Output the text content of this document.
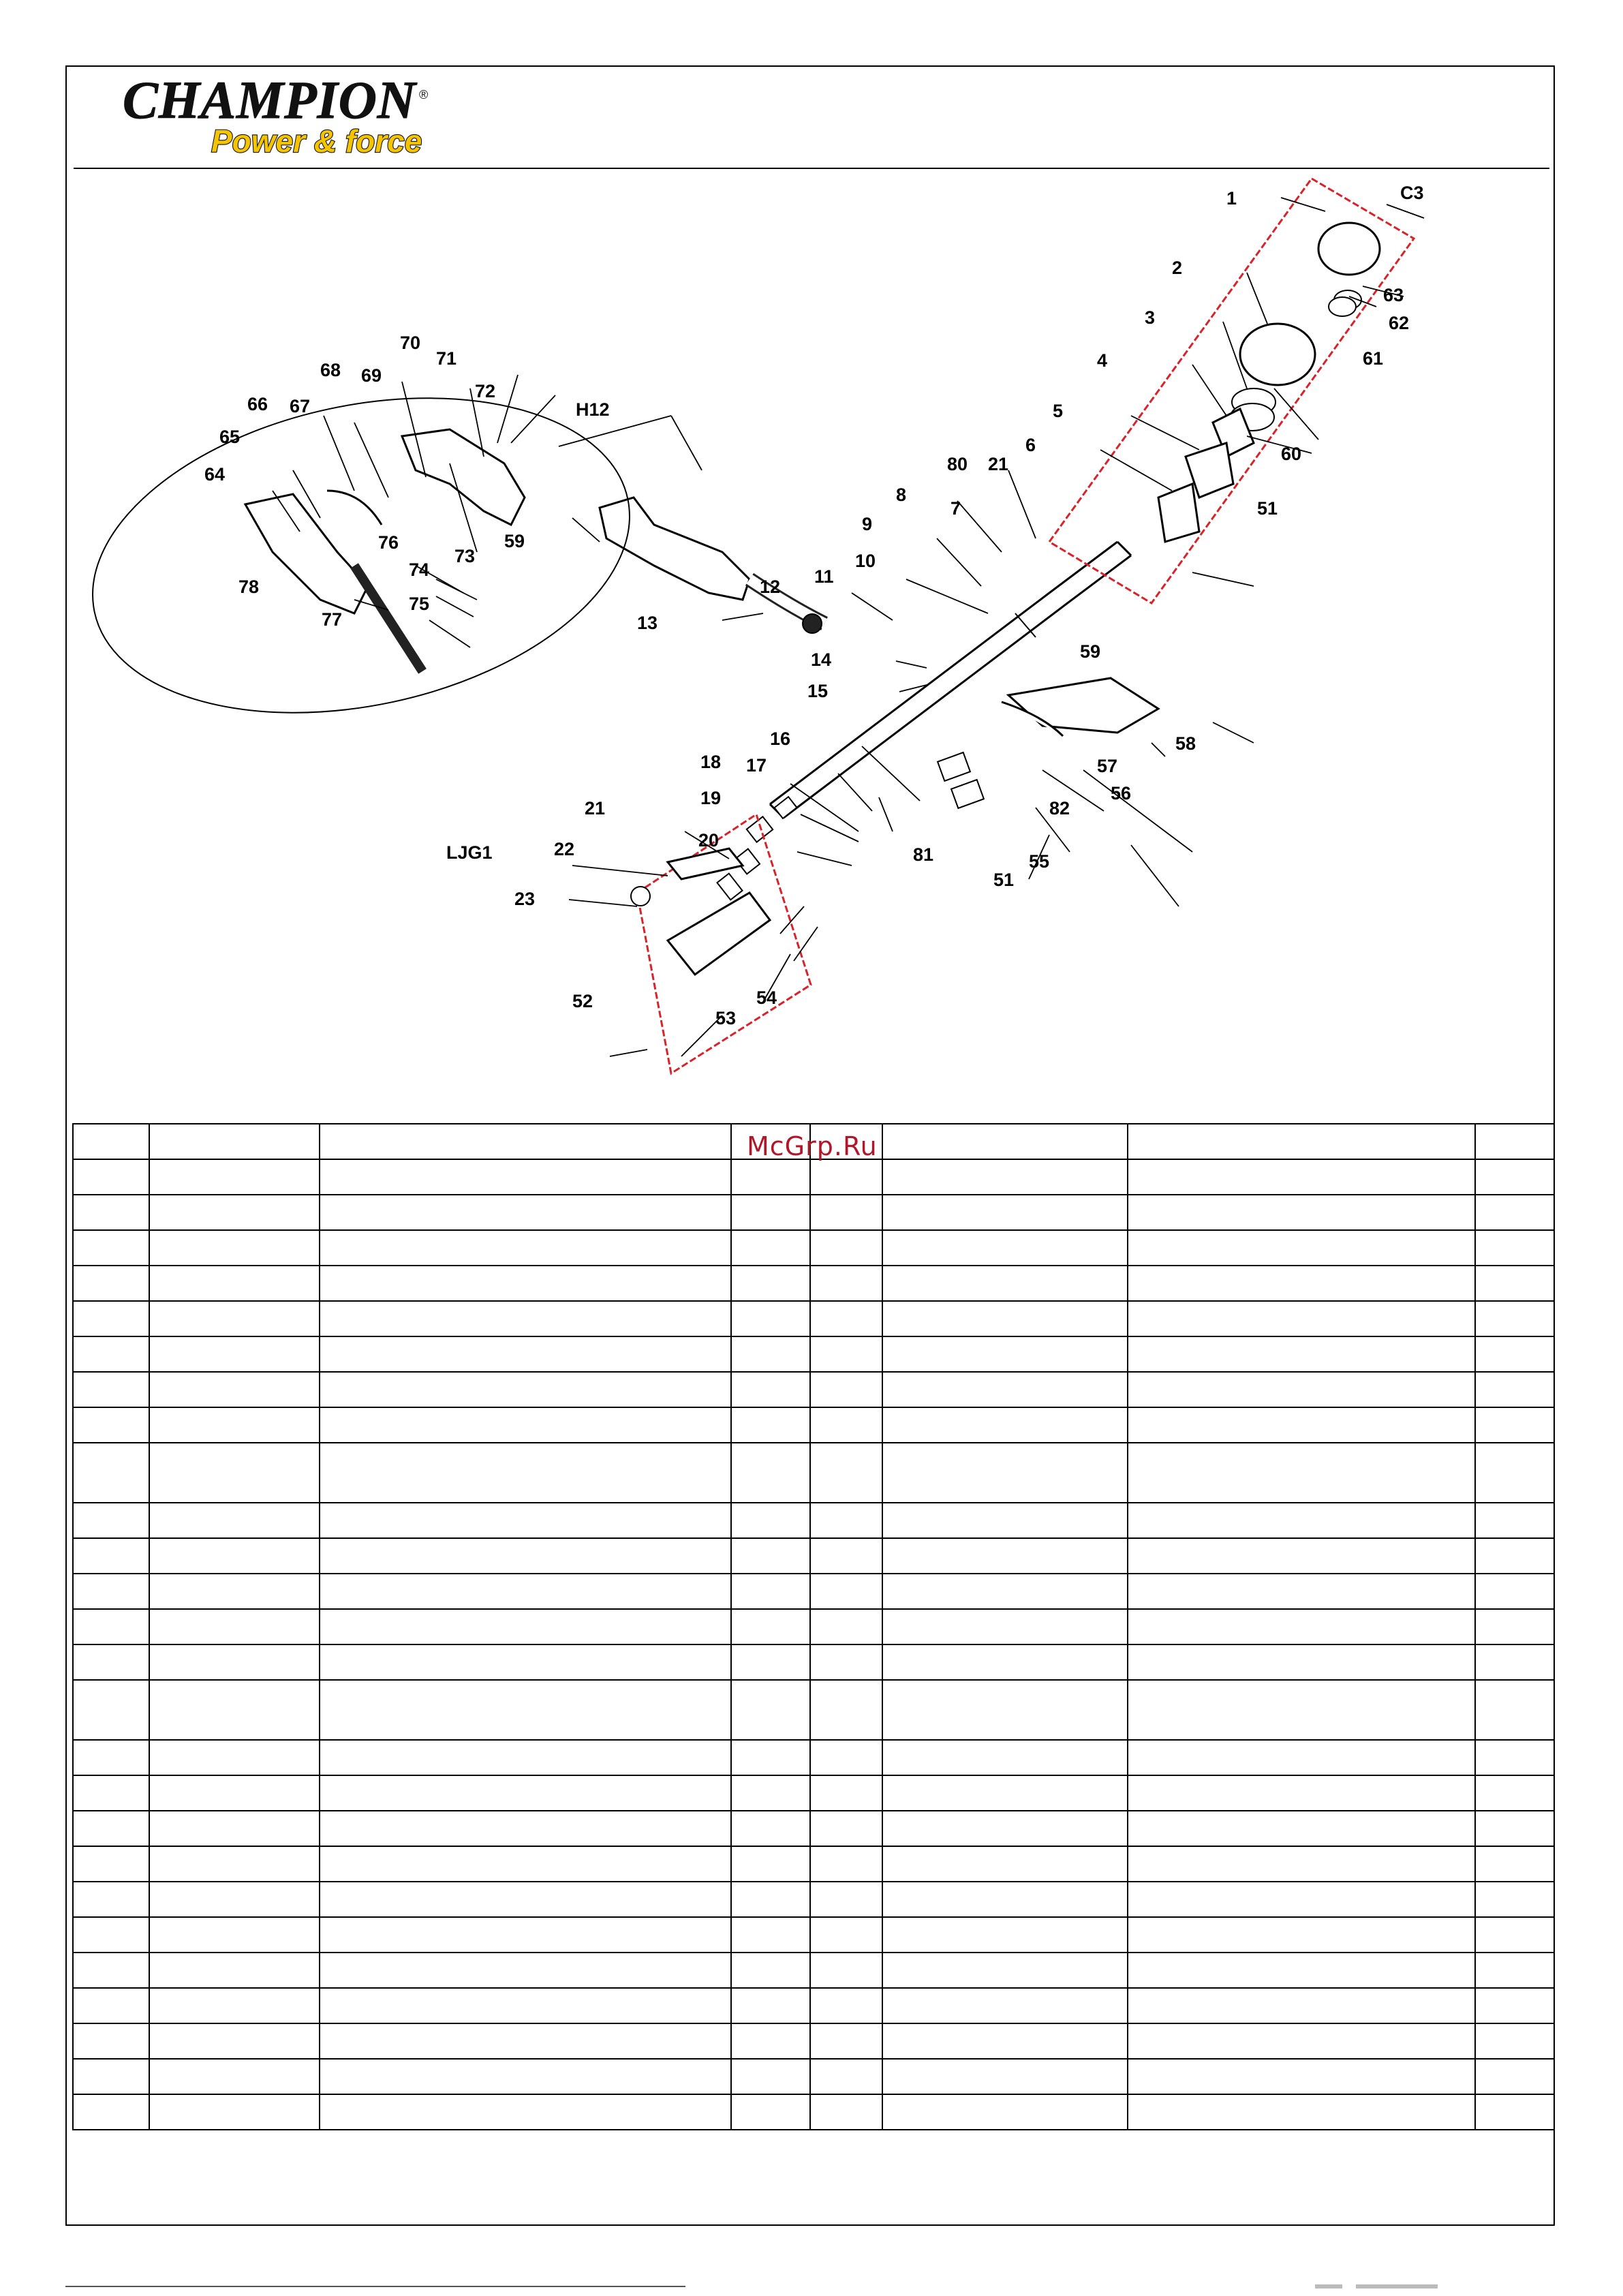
CHAMPION ®
Power & force
C3
H12
LJG1
1
2
3
4
5
6
7
8
9
10
11
12
13
14
15
16
17
18
19
20
21
21
22
23
51
51
52
53
54
55
56
57
58
59
59
60
61
62
63
64
65
66 67
68 69
70
71
72
73
74
75
76
77
78
80
81
82

McGrp.Ru
